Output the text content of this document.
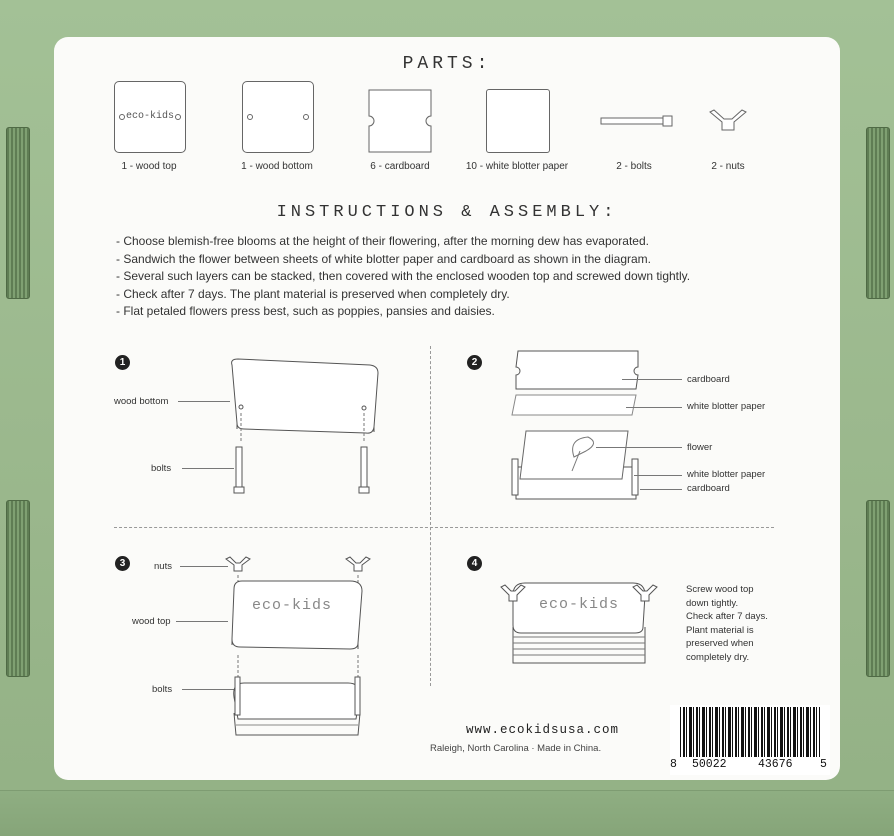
PARTS:
eco-kids
1 - wood top	1 - wood bottom	6 - cardboard	10 - white blotter paper	2 - bolts	2 - nuts
INSTRUCTIONS & ASSEMBLY:
- Choose blemish-free blooms at the height of their flowering, after the morning dew has evaporated.
- Sandwich the flower between sheets of white blotter paper and cardboard as shown in the diagram.
- Several such layers can be stacked, then covered with the enclosed wooden top and screwed down tightly.
- Check after 7 days. The plant material is preserved when completely dry.
- Flat petaled flowers press best, such as poppies, pansies and daisies.
1
wood bottom
bolts
2
cardboard
white blotter paper
flower
white blotter paper
cardboard
3	nuts
wood top
bolts
eco-kids
4
eco-kids
Screw wood top
down tightly.
Check after 7 days.
Plant material is
preserved when
completely dry.
www.ecokidsusa.com
Raleigh, North Carolina · Made in China.
8 50022	43676 5
